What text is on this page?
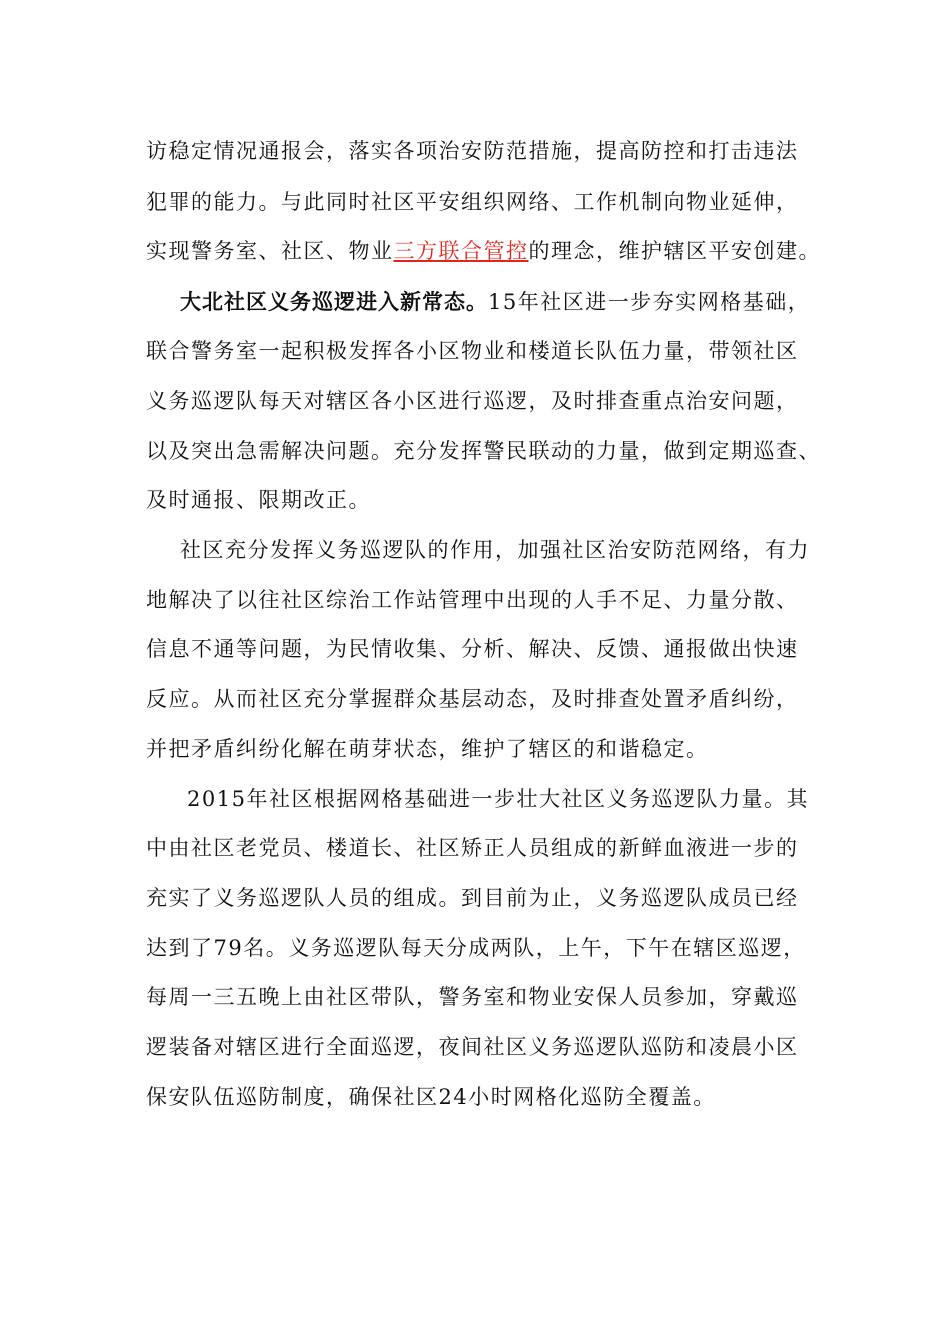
访稳定情况通报会，落实各项治安防范措施，提高防控和打击违法
犯罪的能力。与此同时社区平安组织网络、工作机制向物业延伸，
实现警务室、社区、物业三方联合管控的理念，维护辖区平安创建。
大北社区义务巡逻进入新常态。15年社区进一步夯实网格基础，
联合警务室一起积极发挥各小区物业和楼道长队伍力量，带领社区
义务巡逻队每天对辖区各小区进行巡逻，及时排查重点治安问题，
以及突出急需解决问题。充分发挥警民联动的力量，做到定期巡查、
及时通报、限期改正。
社区充分发挥义务巡逻队的作用，加强社区治安防范网络，有力
地解决了以往社区综治工作站管理中出现的人手不足、力量分散、
信息不通等问题，为民情收集、分析、解决、反馈、通报做出快速
反应。从而社区充分掌握群众基层动态，及时排查处置矛盾纠纷，
并把矛盾纠纷化解在萌芽状态，维护了辖区的和谐稳定。
2015年社区根据网格基础进一步壮大社区义务巡逻队力量。其
中由社区老党员、楼道长、社区矫正人员组成的新鲜血液进一步的
充实了义务巡逻队人员的组成。到目前为止，义务巡逻队成员已经
达到了79名。义务巡逻队每天分成两队，上午，下午在辖区巡逻，
每周一三五晚上由社区带队，警务室和物业安保人员参加，穿戴巡
逻装备对辖区进行全面巡逻，夜间社区义务巡逻队巡防和凌晨小区
保安队伍巡防制度，确保社区24小时网格化巡防全覆盖。
